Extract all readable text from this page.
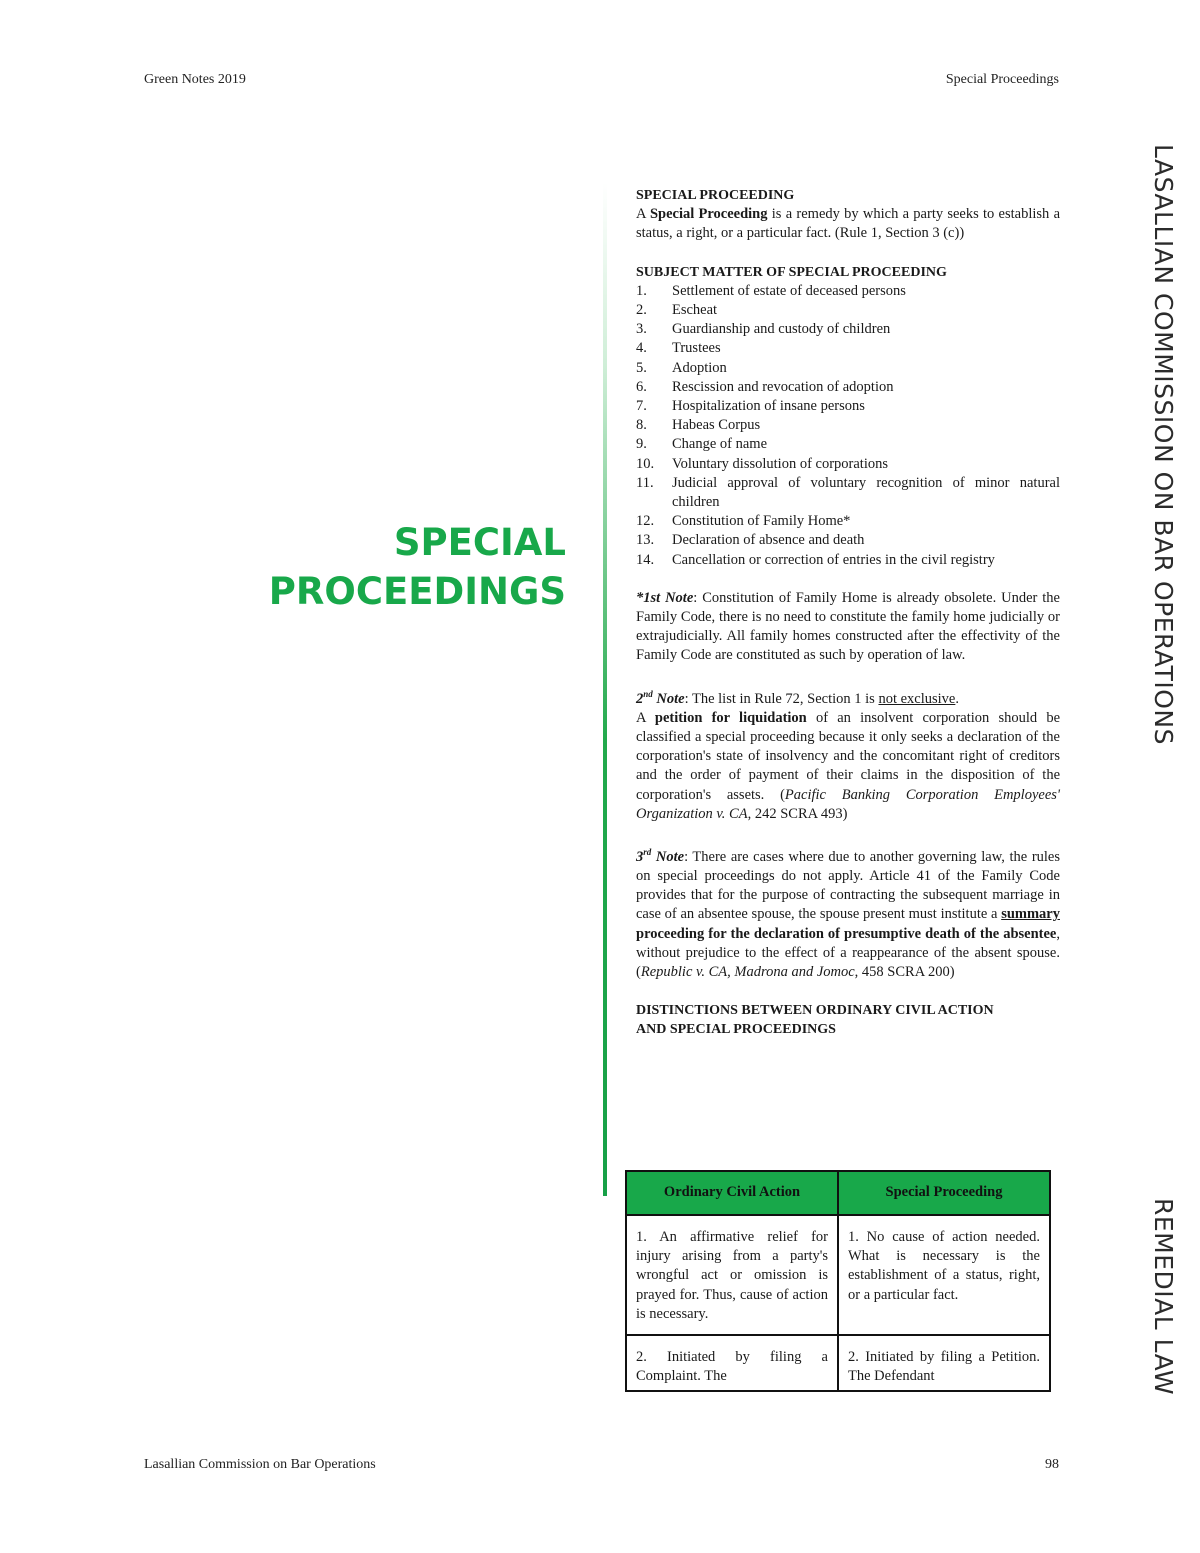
Green Notes 2019	Special Proceedings
LASALLIAN COMMISSION ON BAR OPERATIONS
REMEDIAL LAW
SPECIAL
PROCEEDINGS

SPECIAL PROCEEDING

A Special Proceeding is a remedy by which a party seeks to establish a status, a right, or a particular fact. (Rule 1, Section 3 (c))

SUBJECT MATTER OF SPECIAL PROCEEDING

1. Settlement of estate of deceased persons
2. Escheat
3. Guardianship and custody of children
4. Trustees
5. Adoption
6. Rescission and revocation of adoption
7. Hospitalization of insane persons
8. Habeas Corpus
9. Change of name
10. Voluntary dissolution of corporations
11. Judicial approval of voluntary recognition of minor natural children
12. Constitution of Family Home*
13. Declaration of absence and death
14. Cancellation or correction of entries in the civil registry

*1st Note: Constitution of Family Home is already obsolete. Under the Family Code, there is no need to constitute the family home judicially or extrajudicially. All family homes constructed after the effectivity of the Family Code are constituted as such by operation of law.

2nd Note: The list in Rule 72, Section 1 is not exclusive.

A petition for liquidation of an insolvent corporation should be classified a special proceeding because it only seeks a declaration of the corporation's state of insolvency and the concomitant right of creditors and the order of payment of their claims in the disposition of the corporation's assets. (Pacific Banking Corporation Employees' Organization v. CA, 242 SCRA 493)

3rd Note: There are cases where due to another governing law, the rules on special proceedings do not apply. Article 41 of the Family Code provides that for the purpose of contracting the subsequent marriage in case of an absentee spouse, the spouse present must institute a summary proceeding for the declaration of presumptive death of the absentee, without prejudice to the effect of a reappearance of the absent spouse. (Republic v. CA, Madrona and Jomoc, 458 SCRA 200)

DISTINCTIONS BETWEEN ORDINARY CIVIL ACTION
AND SPECIAL PROCEEDINGS

Ordinary Civil Action	Special Proceeding
1. An affirmative relief for injury arising from a party's wrongful act or omission is prayed for. Thus, cause of action is necessary.	1. No cause of action needed. What is necessary is the establishment of a status, right, or a particular fact.
2. Initiated by filing a Complaint. The	2. Initiated by filing a Petition. The Defendant
Lasallian Commission on Bar Operations	98
